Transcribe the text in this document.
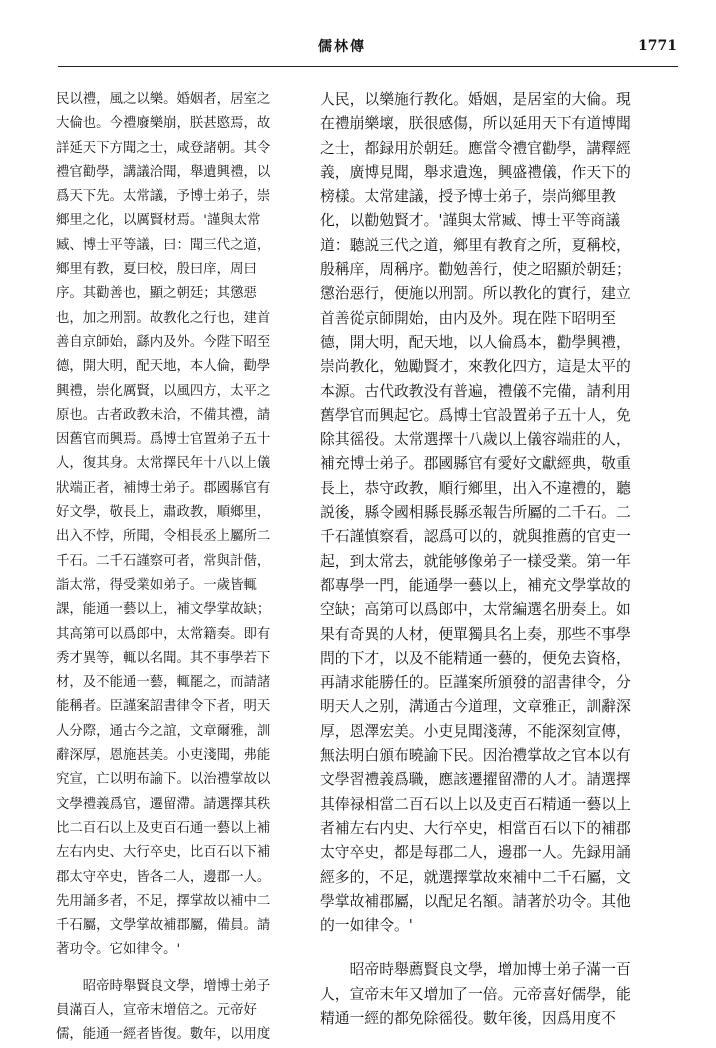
儒林傳	1771
民以禮，風之以樂。婚姻者，居室之
大倫也。今禮廢樂崩，朕甚愍焉，故
詳延天下方聞之士，咸登諸朝。其令
禮官勸學，講議洽聞，舉遺興禮，以
爲天下先。太常議，予博士弟子，崇
鄉里之化，以厲賢材焉。'謹與太常
臧、博士平等議，曰：聞三代之道，
鄉里有教，夏曰校，殷曰庠，周曰
序。其勸善也，顯之朝廷；其懲惡
也，加之刑罰。故教化之行也，建首
善自京師始，繇内及外。今陛下昭至
德，開大明，配天地，本人倫，勸學
興禮，崇化厲賢，以風四方，太平之
原也。古者政教未洽，不備其禮，請
因舊官而興焉。爲博士官置弟子五十
人，復其身。太常擇民年十八以上儀
狀端正者，補博士弟子。郡國縣官有
好文學，敬長上，肅政教，順鄉里，
出入不悖，所聞，令相長丞上屬所二
千石。二千石謹察可者，常與計偕，
詣太常，得受業如弟子。一歲皆輒
課，能通一藝以上，補文學掌故缺；
其高第可以爲郎中，太常籍奏。即有
秀才異等，輒以名聞。其不事學若下
材，及不能通一藝，輒罷之，而請諸
能稱者。臣謹案詔書律令下者，明天
人分際，通古今之誼，文章爾雅，訓
辭深厚，恩施甚美。小吏淺聞，弗能
究宣，亡以明布諭下。以治禮掌故以
文學禮義爲官，遷留滯。請選擇其秩
比二百石以上及吏百石通一藝以上補
左右内史、大行卒史，比百石以下補
郡太守卒史，皆各二人，邊郡一人。
先用誦多者，不足，擇掌故以補中二
千石屬，文學掌故補郡屬，備員。請
著功令。它如律令。'
　　昭帝時舉賢良文學，增博士弟子
員滿百人，宣帝末增倍之。元帝好
儒，能通一經者皆復。數年，以用度
人民，以樂施行教化。婚姻，是居室的大倫。現
在禮崩樂壞，朕很感傷，所以延用天下有道博聞
之士，都録用於朝廷。應當令禮官勸學，講釋經
義，廣博見聞，舉求遺逸，興盛禮儀，作天下的
榜樣。太常建議，授予博士弟子，崇尚鄉里教
化，以勸勉賢才。'謹與太常臧、博士平等商議
道：聽説三代之道，鄉里有教育之所，夏稱校，
殷稱庠，周稱序。勸勉善行，使之昭顯於朝廷；
懲治惡行，便施以刑罰。所以教化的實行，建立
首善從京師開始，由内及外。現在陛下昭明至
德，開大明，配天地，以人倫爲本，勸學興禮，
崇尚教化，勉勵賢才，來教化四方，這是太平的
本源。古代政教没有普遍，禮儀不完備，請利用
舊學官而興起它。爲博士官設置弟子五十人，免
除其徭役。太常選擇十八歲以上儀容端莊的人，
補充博士弟子。郡國縣官有愛好文獻經典，敬重
長上，恭守政教，順行鄉里，出入不違禮的，聽
説後，縣令國相縣長縣丞報告所屬的二千石。二
千石謹慎察看，認爲可以的，就與推薦的官吏一
起，到太常去，就能够像弟子一樣受業。第一年
都專學一門，能通學一藝以上，補充文學掌故的
空缺；高第可以爲郎中，太常編選名册奏上。如
果有奇異的人材，便單獨具名上奏，那些不事學
問的下才，以及不能精通一藝的，便免去資格，
再請求能勝任的。臣謹案所頒發的詔書律令，分
明天人之别，溝通古今道理，文章雅正，訓辭深
厚，恩澤宏美。小吏見聞淺薄，不能深刻宣傳，
無法明白頒布曉諭下民。因治禮掌故之官本以有
文學習禮義爲職，應該遷擢留滯的人才。請選擇
其俸禄相當二百石以上以及吏百石精通一藝以上
者補左右内史、大行卒史，相當百石以下的補郡
太守卒史，都是每郡二人，邊郡一人。先録用誦
經多的，不足，就選擇掌故來補中二千石屬，文
學掌故補郡屬，以配足名額。請著於功令。其他
的一如律令。'
　　昭帝時舉薦賢良文學，增加博士弟子滿一百
人，宣帝末年又增加了一倍。元帝喜好儒學，能
精通一經的都免除徭役。數年後，因爲用度不
